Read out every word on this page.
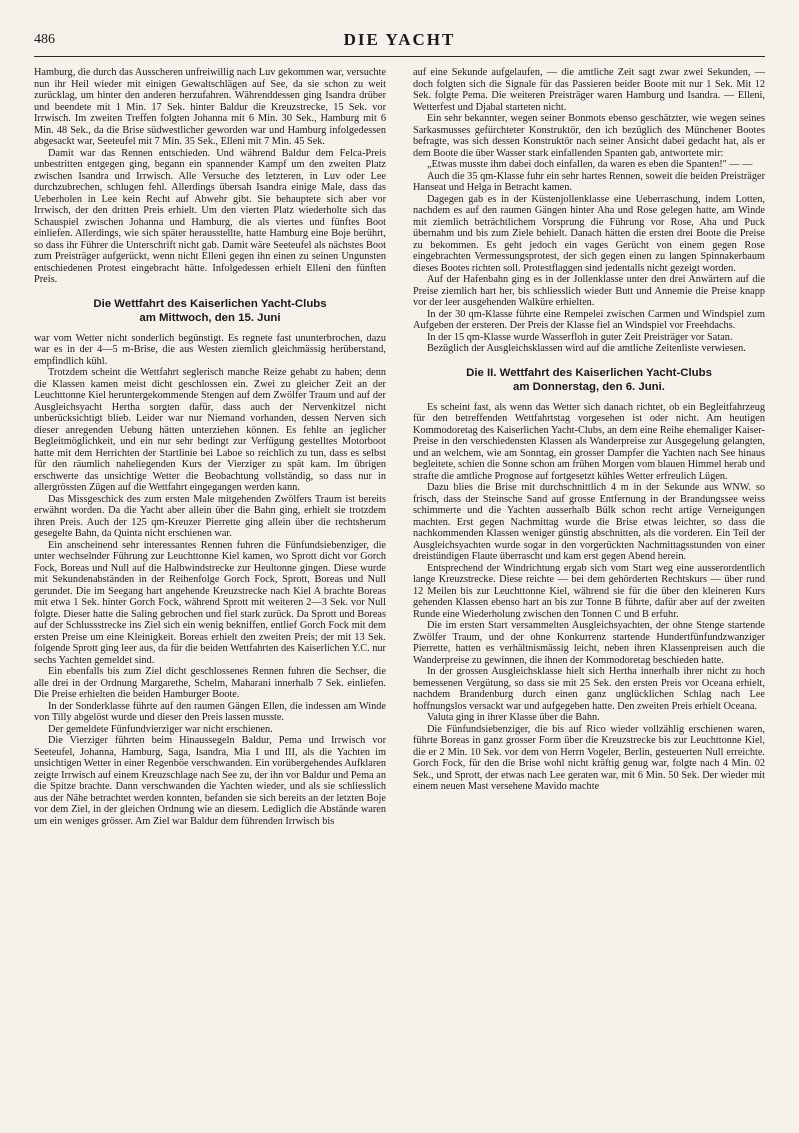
486	DIE YACHT

Hamburg, die durch das Ausscheren unfreiwillig nach Luv gekommen war, versuchte nun ihr Heil wieder mit einigen Gewaltschlägen auf See, da sie schon zu weit zurücklag, um hinter den anderen herzufahren. Währenddessen ging Isandra drüber und beendete mit 1 Min. 17 Sek. hinter Baldur die Kreuzstrecke, 15 Sek. vor Irrwisch. Im zweiten Treffen folgten Johanna mit 6 Min. 30 Sek., Hamburg mit 6 Min. 48 Sek., da die Brise südwestlicher geworden war und Hamburg infolgedessen abgesackt war, Seeteufel mit 7 Min. 35 Sek., Elleni mit 7 Min. 45 Sek.

Damit war das Rennen entschieden. Und während Baldur dem Felca-Preis unbestritten entgegen ging, begann ein spannender Kampf um den zweiten Platz zwischen Isandra und Irrwisch. Alle Versuche des letzteren, in Luv oder Lee durchzubrechen, schlugen fehl. Allerdings übersah Isandra einige Male, dass das Ueberholen in Lee kein Recht auf Abwehr gibt. Sie behauptete sich aber vor Irrwisch, der den dritten Preis erhielt. Um den vierten Platz wiederholte sich das Schauspiel zwischen Johanna und Hamburg, die als viertes und fünftes Boot einliefen. Allerdings, wie sich später herausstellte, hatte Hamburg eine Boje berührt, so dass ihr Führer die Unterschrift nicht gab. Damit wäre Seeteufel als nächstes Boot zum Preisträger aufgerückt, wenn nicht Elleni gegen ihn einen zu seinen Ungunsten entschiedenen Protest eingebracht hätte. Infolgedessen erhielt Elleni den fünften Preis.

Die Wettfahrt des Kaiserlichen Yacht-Clubs
am Mittwoch, den 15. Juni

war vom Wetter nicht sonderlich begünstigt. Es regnete fast ununterbrochen, dazu war es in der 4—5 m-Brise, die aus Westen ziemlich gleichmässig herüberstand, empfindlich kühl.

Trotzdem scheint die Wettfahrt seglerisch manche Reize gehabt zu haben; denn die Klassen kamen meist dicht geschlossen ein. Zwei zu gleicher Zeit an der Leuchttonne Kiel heruntergekommende Stengen auf dem Zwölfer Traum und auf der Ausgleichsyacht Hertha sorgten dafür, dass auch der Nervenkitzel nicht unberücksichtigt blieb. Leider war nur Niemand vorhanden, dessen Nerven sich dieser anregenden Uebung hätten unterziehen können. Es fehlte an jeglicher Begleitmöglichkeit, und ein nur sehr bedingt zur Verfügung gestelltes Motorboot hatte mit dem Herrichten der Startlinie bei Laboe so reichlich zu tun, dass es selbst für den räumlich naheliegenden Kurs der Vierziger zu spät kam. Im übrigen erschwerte das unsichtige Wetter die Beobachtung vollständig, so dass nur in allergrössten Zügen auf die Wettfahrt eingegangen werden kann.

Das Missgeschick des zum ersten Male mitgehenden Zwölfers Traum ist bereits erwähnt worden. Da die Yacht aber allein über die Bahn ging, erhielt sie trotzdem ihren Preis. Auch der 125 qm-Kreuzer Pierrette ging allein über die rechtsherum gesegelte Bahn, da Quinta nicht erschienen war.

Ein anscheinend sehr interessantes Rennen fuhren die Fünfundsiebenziger, die unter wechselnder Führung zur Leuchttonne Kiel kamen, wo Sprott dicht vor Gorch Fock, Boreas und Null auf die Halbwindstrecke zur Heultonne gingen. Diese wurde mit Sekundenabständen in der Reihenfolge Gorch Fock, Sprott, Boreas und Null gerundet. Die im Seegang hart angehende Kreuzstrecke nach Kiel A brachte Boreas mit etwa 1 Sek. hinter Gorch Fock, während Sprott mit weiteren 2—3 Sek. vor Null folgte. Dieser hatte die Saling gebrochen und fiel stark zurück. Da Sprott und Boreas auf der Schlussstrecke ins Ziel sich ein wenig bekniffen, entlief Gorch Fock mit dem ersten Preise um eine Kleinigkeit. Boreas erhielt den zweiten Preis; der mit 13 Sek. folgende Sprott ging leer aus, da für die beiden Wettfahrten des Kaiserlichen Y.C. nur sechs Yachten gemeldet sind.

Ein ebenfalls bis zum Ziel dicht geschlossenes Rennen fuhren die Sechser, die alle drei in der Ordnung Margarethe, Schelm, Maharani innerhalb 7 Sek. einliefen. Die Preise erhielten die beiden Hamburger Boote.

In der Sonderklasse führte auf den raumen Gängen Ellen, die indessen am Winde von Tilly abgelöst wurde und dieser den Preis lassen musste.

Der gemeldete Fünfundvierziger war nicht erschienen.

Die Vierziger führten beim Hinaussegeln Baldur, Pema und Irrwisch vor Seeteufel, Johanna, Hamburg, Saga, Isandra, Mia I und III, als die Yachten im unsichtigen Wetter in einer Regenböe verschwanden. Ein vorübergehendes Aufklaren zeigte Irrwisch auf einem Kreuzschlage nach See zu, der ihn vor Baldur und Pema an die Spitze brachte. Dann verschwanden die Yachten wieder, und als sie schliesslich aus der Nähe betrachtet werden konnten, befanden sie sich bereits an der letzten Boje vor dem Ziel, in der gleichen Ordnung wie an diesem. Lediglich die Abstände waren um ein weniges grösser. Am Ziel war Baldur dem führenden Irrwisch bis

auf eine Sekunde aufgelaufen, — die amtliche Zeit sagt zwar zwei Sekunden, — doch folgten sich die Signale für das Passieren beider Boote mit nur 1 Sek. Mit 12 Sek. folgte Pema. Die weiteren Preisträger waren Hamburg und Isandra. — Elleni, Wetterfest und Djabal starteten nicht.

Ein sehr bekannter, wegen seiner Bonmots ebenso geschätzter, wie wegen seines Sarkasmusses gefürchteter Konstruktör, den ich bezüglich des Münchener Bootes befragte, was sich dessen Konstruktör nach seiner Ansicht dabei gedacht hat, als er dem Boote die über Wasser stark einfallenden Spanten gab, antwortete mir:

„Etwas musste ihm dabei doch einfallen, da waren es eben die Spanten!" — —

Auch die 35 qm-Klasse fuhr ein sehr hartes Rennen, soweit die beiden Preisträger Hanseat und Helga in Betracht kamen.

Dagegen gab es in der Küstenjollenklasse eine Ueberraschung, indem Lotten, nachdem es auf den raumen Gängen hinter Aha und Rose gelegen hatte, am Winde mit ziemlich beträchtlichem Vorsprung die Führung vor Rose, Aha und Puck übernahm und bis zum Ziele behielt. Danach hätten die ersten drei Boote die Preise zu bekommen. Es geht jedoch ein vages Gerücht von einem gegen Rose eingebrachten Vermessungsprotest, der sich gegen einen zu langen Spinnakerbaum dieses Bootes richten soll. Protestflaggen sind jedentalls nicht gezeigt worden.

Auf der Hafenbahn ging es in der Jollenklasse unter den drei Anwärtern auf die Preise ziemlich hart her, bis schliesslich wieder Butt und Annemie die Preise knapp vor der leer ausgehenden Walküre erhielten.

In der 30 qm-Klasse führte eine Rempelei zwischen Carmen und Windspiel zum Aufgeben der ersteren. Der Preis der Klasse fiel an Windspiel vor Freehdachs.

In der 15 qm-Klasse wurde Wasserfloh in guter Zeit Preisträger vor Satan.

Bezüglich der Ausgleichsklassen wird auf die amtliche Zeitenliste verwiesen.

Die II. Wettfahrt des Kaiserlichen Yacht-Clubs
am Donnerstag, den 6. Juni.

Es scheint fast, als wenn das Wetter sich danach richtet, ob ein Begleitfahrzeug für den betreffenden Wettfahrtstag vorgesehen ist oder nicht. Am heutigen Kommodoretag des Kaiserlichen Yacht-Clubs, an dem eine Reihe ehemaliger Kaiser-Preise in den verschiedensten Klassen als Wanderpreise zur Ausgegelung gelangten, und an welchem, wie am Sonntag, ein grosser Dampfer die Yachten nach See hinaus begleitete, schien die Sonne schon am frühen Morgen vom blauen Himmel herab und strafte die amtliche Prognose auf fortgesetzt kühles Wetter erfreulich Lügen.

Dazu blies die Brise mit durchschnittlich 4 m in der Sekunde aus WNW. so frisch, dass der Steinsche Sand auf grosse Entfernung in der Brandungssee weiss schimmerte und die Yachten ausserhalb Bülk schon recht artige Verneigungen machten. Erst gegen Nachmittag wurde die Brise etwas leichter, so dass die nachkommenden Klassen weniger günstig abschnitten, als die vorderen. Ein Teil der Ausgleichsyachten wurde sogar in den vorgerückten Nachmittagsstunden von einer dreistündigen Flaute überrascht und kam erst gegen Abend herein.

Entsprechend der Windrichtung ergab sich vom Start weg eine ausserordentlich lange Kreuzstrecke. Diese reichte — bei dem gehörderten Rechtskurs — über rund 12 Meilen bis zur Leuchttonne Kiel, während sie für die über den kleineren Kurs gehenden Klassen ebenso hart an bis zur Tonne B führte, dafür aber auf der zweiten Runde eine Wiederholung zwischen den Tonnen C und B erfuhr.

Die im ersten Start versammelten Ausgleichsyachten, der ohne Stenge startende Zwölfer Traum, und der ohne Konkurrenz startende Hundertfünfundzwanziger Pierrette, hatten es verhältnismässig leicht, neben ihren Klassenpreisen auch die Wanderpreise zu gewinnen, die ihnen der Kommodoretag beschieden hatte.

In der grossen Ausgleichsklasse hielt sich Hertha innerhalb ihrer nicht zu hoch bemessenen Vergütung, so dass sie mit 25 Sek. den ersten Preis vor Oceana erhielt, nachdem Brandenburg durch einen ganz unglücklichen Schlag nach Lee hoffnungslos versackt war und aufgegeben hatte. Den zweiten Preis erhielt Oceana.

Valuta ging in ihrer Klasse über die Bahn.

Die Fünfundsiebenziger, die bis auf Rico wieder vollzählig erschienen waren, führte Boreas in ganz grosser Form über die Kreuzstrecke bis zur Leuchttonne Kiel, die er 2 Min. 10 Sek. vor dem von Herrn Vogeler, Berlin, gesteuerten Null erreichte. Gorch Fock, für den die Brise wohl nicht kräftig genug war, folgte nach 4 Min. 02 Sek., und Sprott, der etwas nach Lee geraten war, mit 6 Min. 50 Sek. Der wieder mit einem neuen Mast versehene Mavido machte
